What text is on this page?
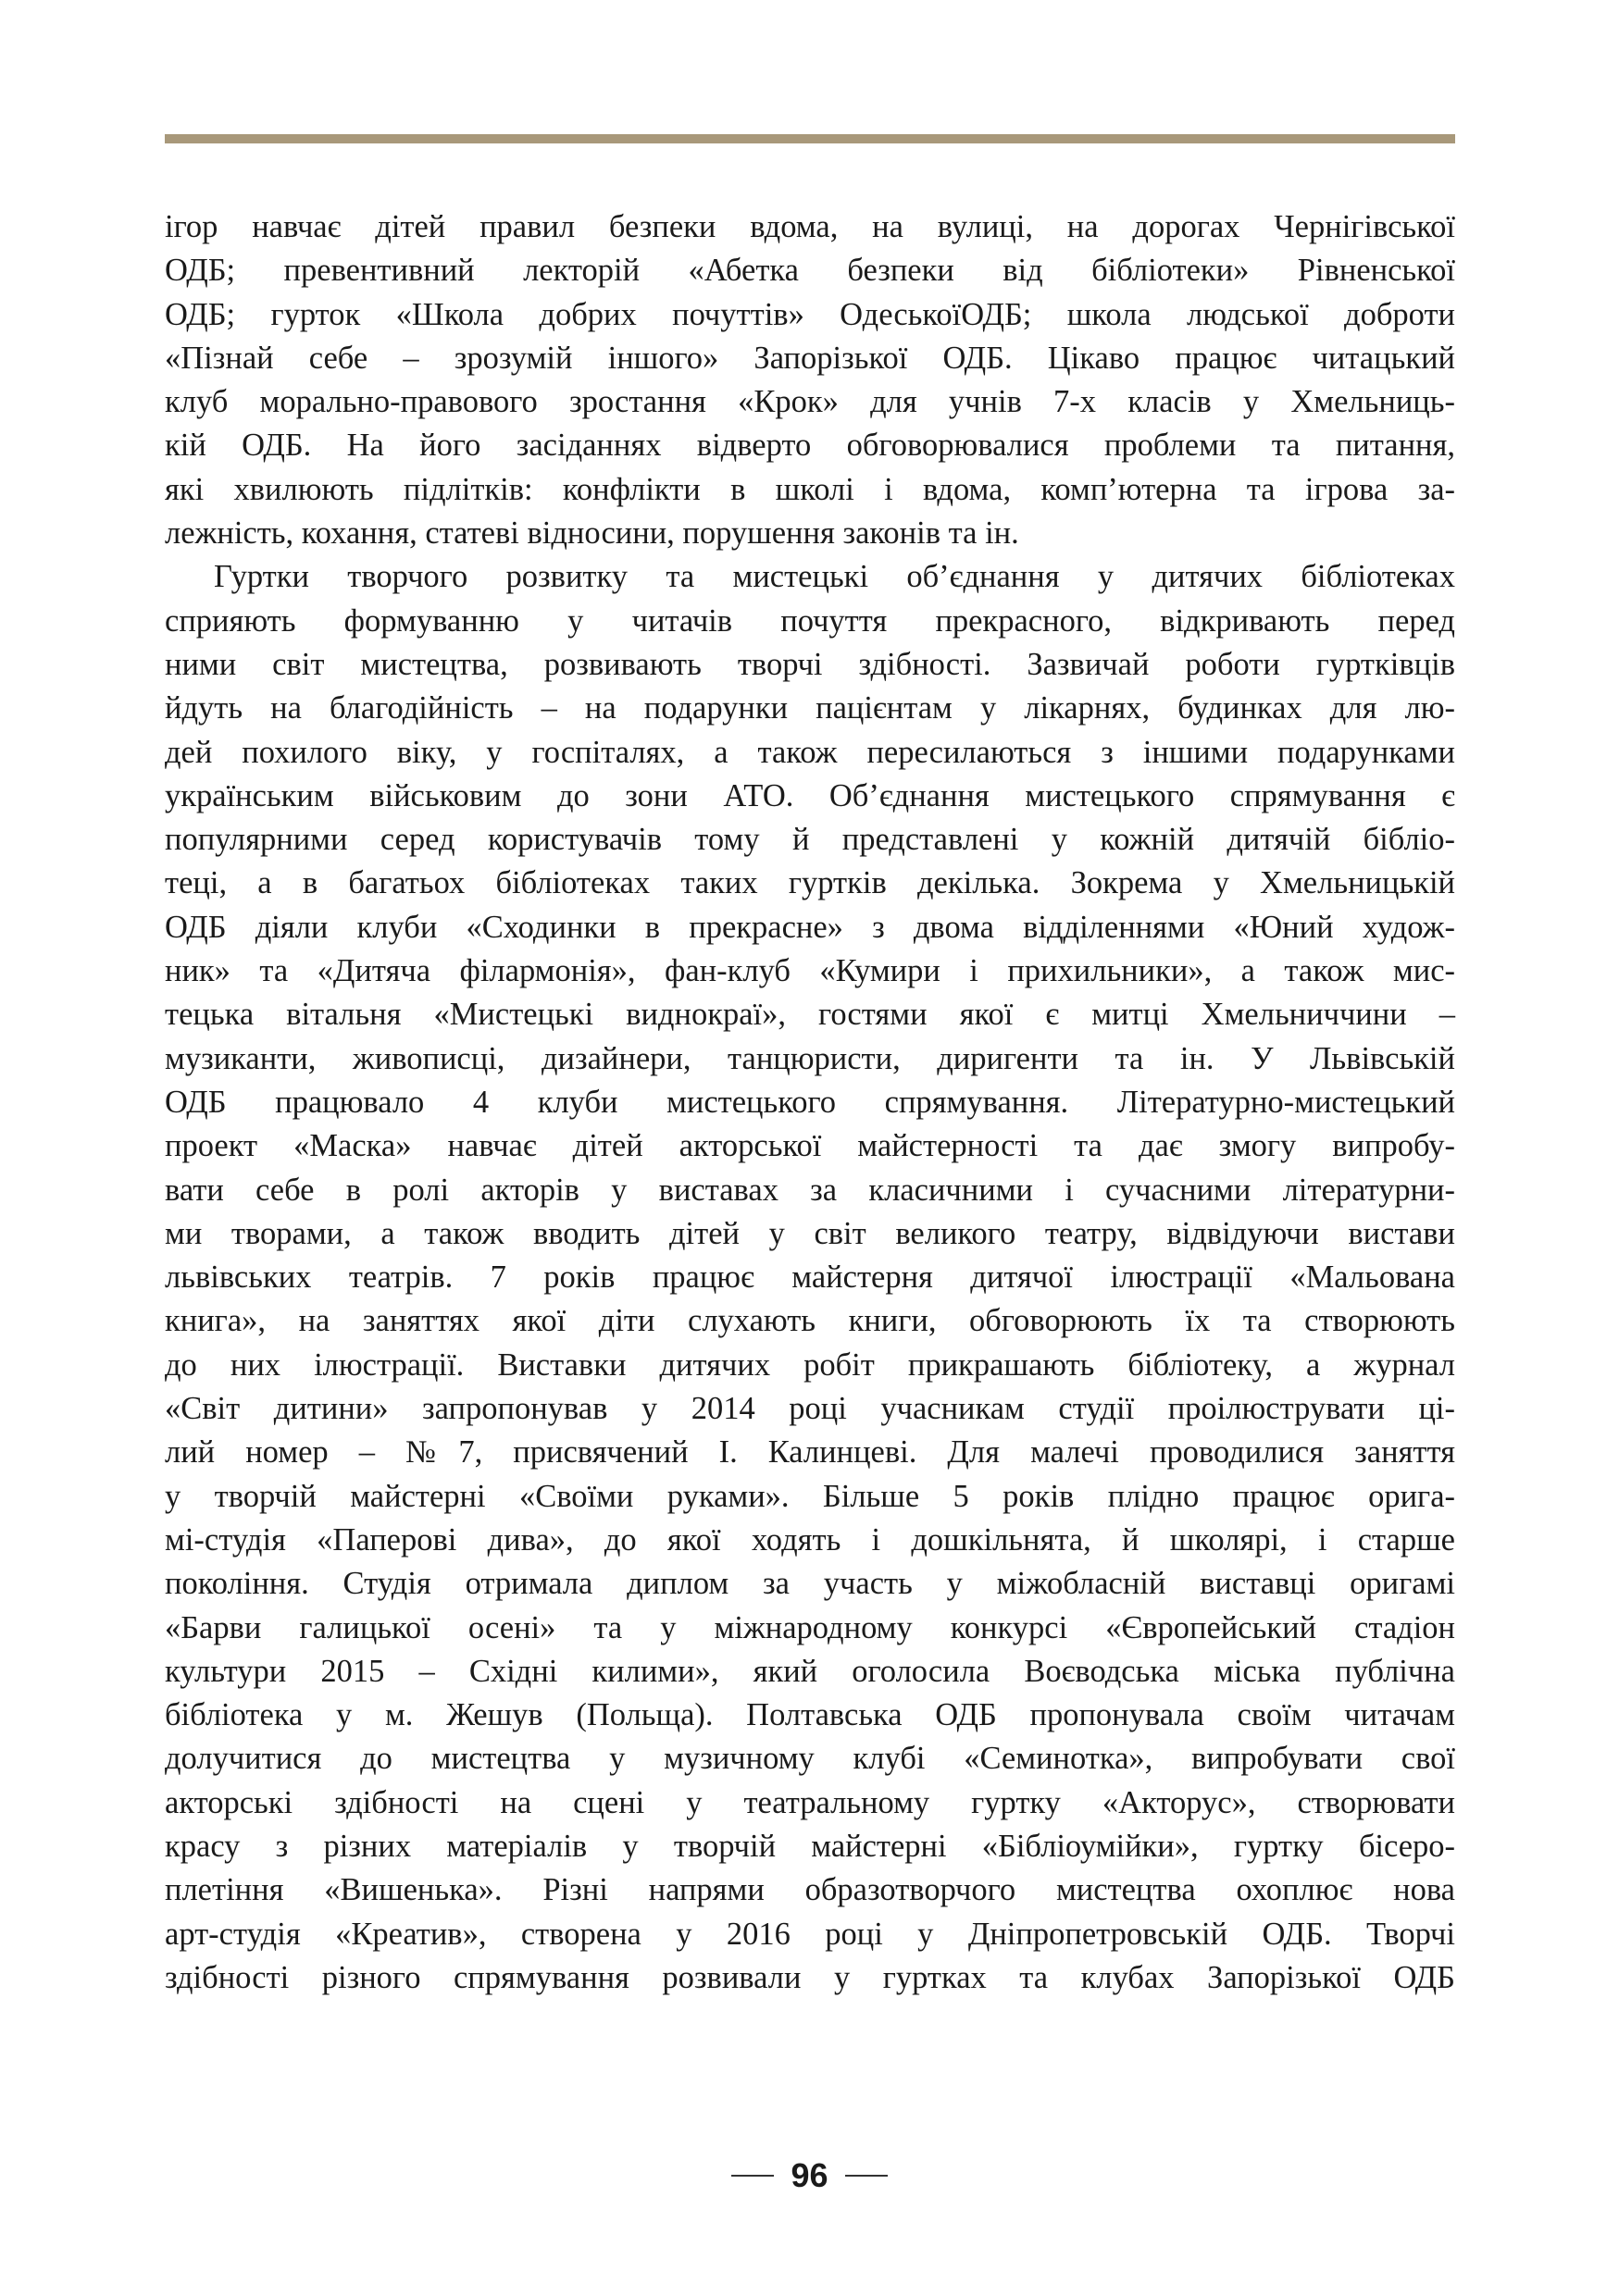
ігор навчає дітей правил безпеки вдома, на вулиці, на дорогах Чернігівської
ОДБ; превентивний лекторій «Абетка безпеки від бібліотеки» Рівненської
ОДБ; гурток «Школа добрих почуттів» ОдеськоїОДБ; школа людської доброти
«Пізнай себе – зрозумій іншого» Запорізької ОДБ. Цікаво працює читацький
клуб морально-правового зростання «Крок» для учнів 7-х класів у Хмельниць-
кій ОДБ. На його засіданнях відверто обговорювалися проблеми та питання,
які хвилюють підлітків: конфлікти в школі і вдома, комп’ютерна та ігрова за-
лежність, кохання, статеві відносини, порушення законів та ін.
Гуртки творчого розвитку та мистецькі об’єднання у дитячих бібліотеках
сприяють формуванню у читачів почуття прекрасного, відкривають перед
ними світ мистецтва, розвивають творчі здібності. Зазвичай роботи гуртківців
йдуть на благодійність – на подарунки пацієнтам у лікарнях, будинках для лю-
дей похилого віку, у госпіталях, а також пересилаються з іншими подарунками
українським військовим до зони АТО. Об’єднання мистецького спрямування є
популярними серед користувачів тому й представлені у кожній дитячій бібліо-
теці, а в багатьох бібліотеках таких гуртків декілька. Зокрема у Хмельницькій
ОДБ діяли клуби «Сходинки в прекрасне» з двома відділеннями «Юний худож-
ник» та «Дитяча філармонія», фан-клуб «Кумири і прихильники», а також мис-
тецька вітальня «Мистецькі виднокраї», гостями якої є митці Хмельниччини –
музиканти, живописці, дизайнери, танцюристи, диригенти та ін. У Львівській
ОДБ працювало 4 клуби мистецького спрямування. Літературно-мистецький
проект «Маска» навчає дітей акторської майстерності та дає змогу випробу-
вати себе в ролі акторів у виставах за класичними і сучасними літературни-
ми творами, а також вводить дітей у світ великого театру, відвідуючи вистави
львівських театрів. 7 років працює майстерня дитячої ілюстрації «Мальована
книга», на заняттях якої діти слухають книги, обговорюють їх та створюють
до них ілюстрації. Виставки дитячих робіт прикрашають бібліотеку, а журнал
«Світ дитини» запропонував у 2014 році учасникам студії проілюструвати ці-
лий номер – №7, присвячений І. Калинцеві. Для малечі проводилися заняття
у творчій майстерні «Своїми руками». Більше 5 років плідно працює орига-
мі-студія «Паперові дива», до якої ходять і дошкільнята, й школярі, і старше
покоління. Студія отримала диплом за участь у міжобласній виставці оригамі
«Барви галицької осені» та у міжнародному конкурсі «Європейський стадіон
культури 2015 – Східні килими», який оголосила Воєводська міська публічна
бібліотека у м. Жешув (Польща). Полтавська ОДБ пропонувала своїм читачам
долучитися до мистецтва у музичному клубі «Семинотка», випробувати свої
акторські здібності на сцені у театральному гуртку «Акторус», створювати
красу з різних матеріалів у творчій майстерні «Бібліоумійки», гуртку бісеро-
плетіння «Вишенька». Різні напрями образотворчого мистецтва охоплює нова
арт-студія «Креатив», створена у 2016 році у Дніпропетровській ОДБ. Творчі
здібності різного спрямування розвивали у гуртках та клубах Запорізької ОДБ
96
